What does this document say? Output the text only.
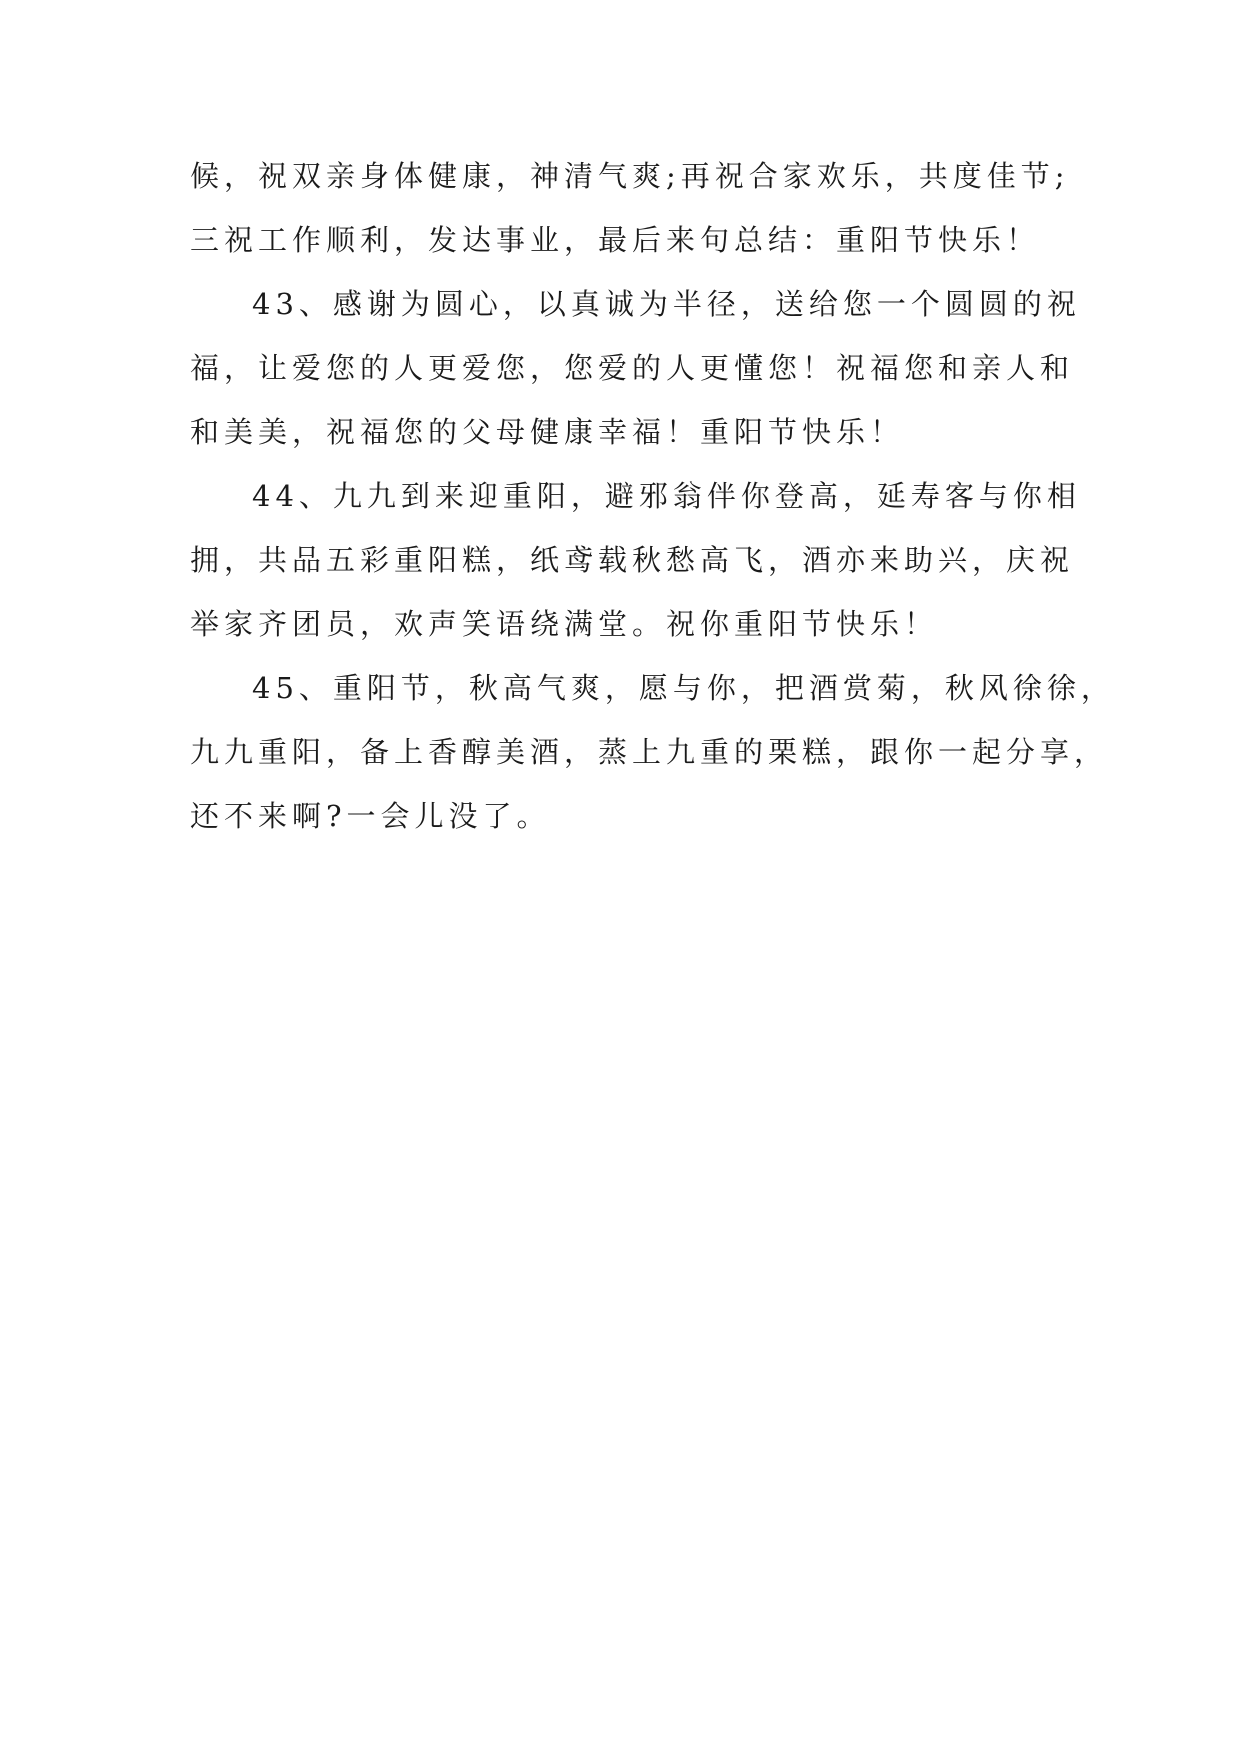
候，祝双亲身体健康，神清气爽;再祝合家欢乐，共度佳节;
三祝工作顺利，发达事业，最后来句总结：重阳节快乐！
43、感谢为圆心，以真诚为半径，送给您一个圆圆的祝
福，让爱您的人更爱您，您爱的人更懂您！祝福您和亲人和
和美美，祝福您的父母健康幸福！重阳节快乐！
44、九九到来迎重阳，避邪翁伴你登高，延寿客与你相
拥，共品五彩重阳糕，纸鸢载秋愁高飞，酒亦来助兴，庆祝
举家齐团员，欢声笑语绕满堂。祝你重阳节快乐！
45、重阳节，秋高气爽，愿与你，把酒赏菊，秋风徐徐，
九九重阳，备上香醇美酒，蒸上九重的栗糕，跟你一起分享，
还不来啊?一会儿没了。
